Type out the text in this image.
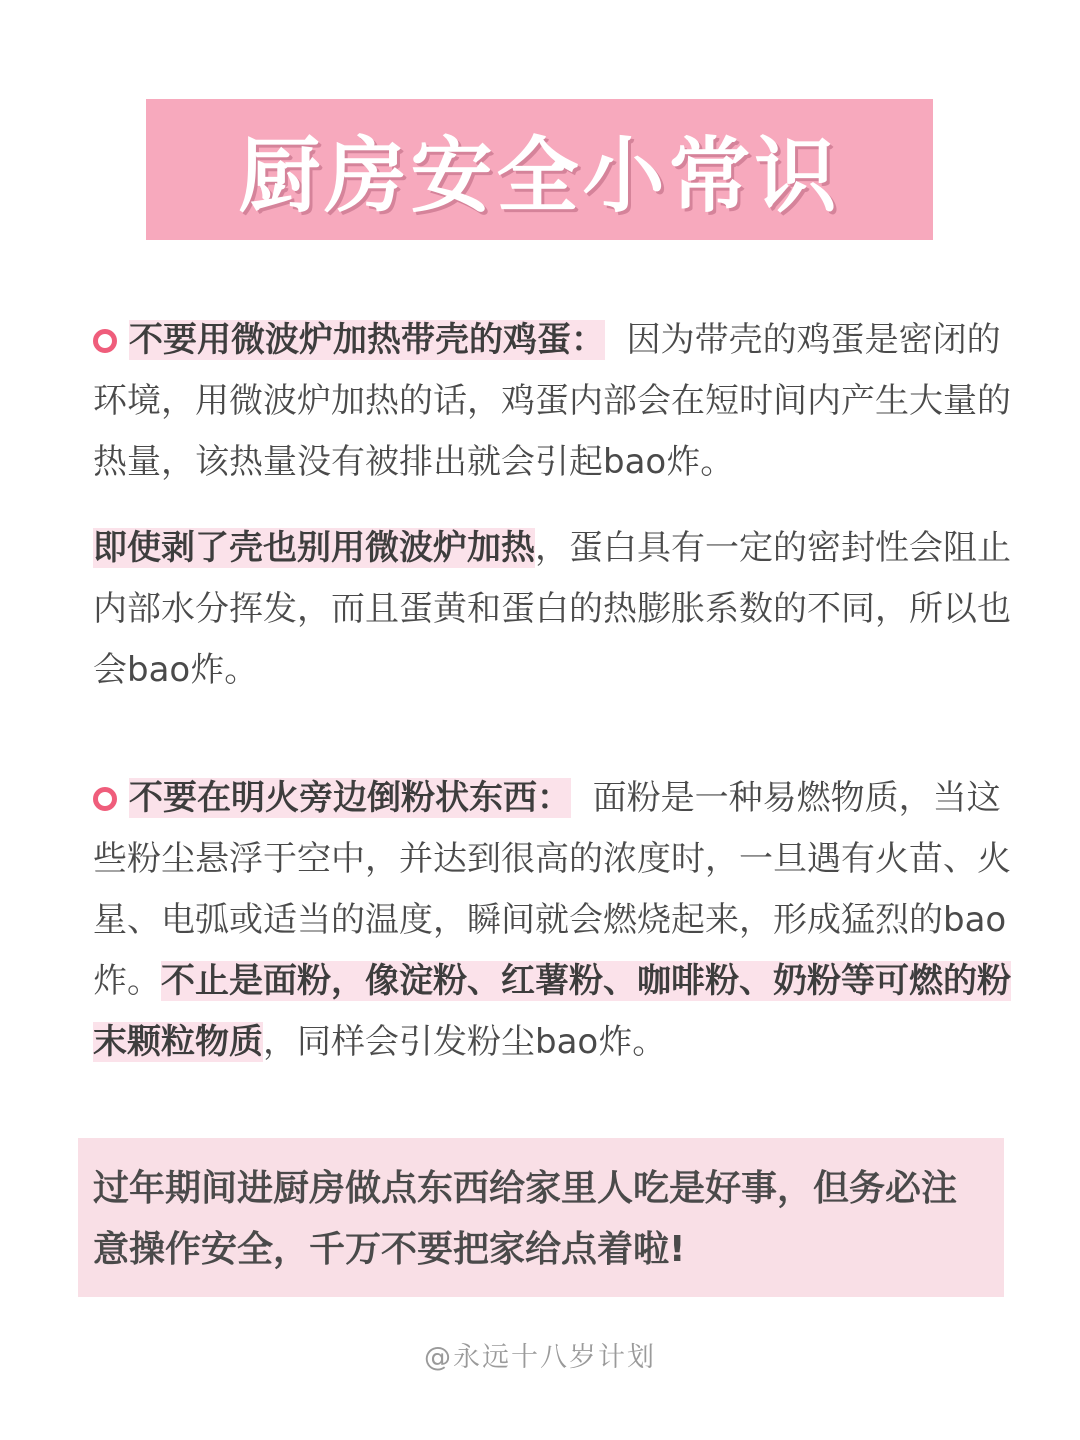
厨房安全小常识

不要用微波炉加热带壳的鸡蛋： 因为带壳的鸡蛋是密闭的环境，用微波炉加热的话，鸡蛋内部会在短时间内产生大量的热量，该热量没有被排出就会引起bao炸。

即使剥了壳也别用微波炉加热，蛋白具有一定的密封性会阻止内部水分挥发，而且蛋黄和蛋白的热膨胀系数的不同，所以也会bao炸。

不要在明火旁边倒粉状东西： 面粉是一种易燃物质，当这些粉尘悬浮于空中，并达到很高的浓度时，一旦遇有火苗、火星、电弧或适当的温度，瞬间就会燃烧起来，形成猛烈的bao炸。不止是面粉，像淀粉、红薯粉、咖啡粉、奶粉等可燃的粉末颗粒物质，同样会引发粉尘bao炸。

过年期间进厨房做点东西给家里人吃是好事，但务必注意操作安全，千万不要把家给点着啦!

@永远十八岁计划
